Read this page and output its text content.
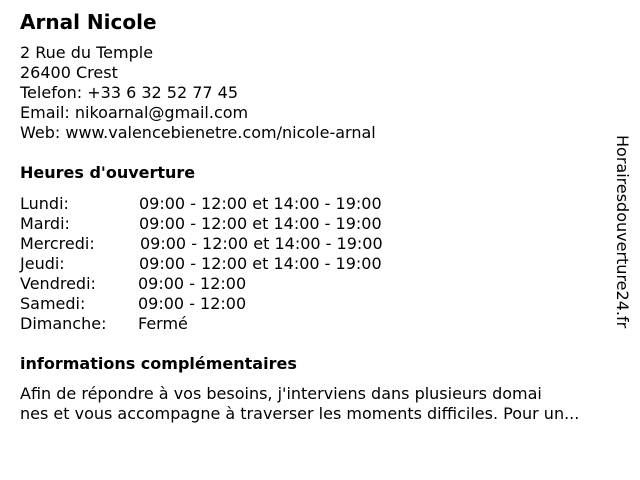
Arnal Nicole
2 Rue du Temple
26400 Crest
Telefon: +33 6 32 52 77 45
Email: nikoarnal@gmail.com
Web: www.valencebienetre.com/nicole-arnal
Heures d'ouverture
Lundi:	09:00 - 12:00 et 14:00 - 19:00
Mardi:	09:00 - 12:00 et 14:00 - 19:00
Mercredi:	09:00 - 12:00 et 14:00 - 19:00
Jeudi:	09:00 - 12:00 et 14:00 - 19:00
Vendredi:	09:00 - 12:00
Samedi:	09:00 - 12:00
Dimanche: Fermé
informations complémentaires
Afin de répondre à vos besoins, j'interviens dans plusieurs domai
nes et vous accompagne à traverser les moments difficiles. Pour un...
Horairesdouverture24.fr
